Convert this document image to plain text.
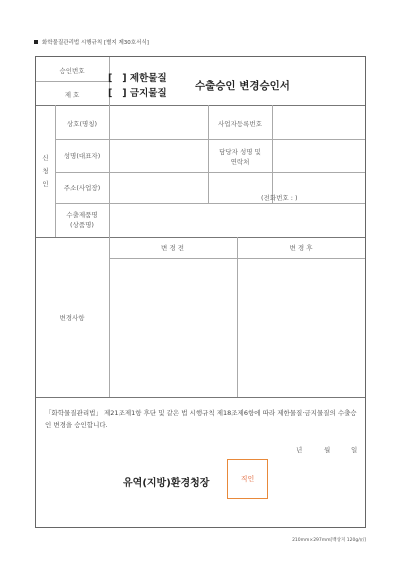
화학물질관리법 시행규칙 [별지 제30호서식]
승인번호
제 호
[   ] 제한물질
[   ] 금지물질
수출승인 변경승인서
신
청
인
상호(명칭)	사업자등록번호
성명(대표자)	담당자 성명 및
연락처
주소(사업장)
(전화번호 : )
수출제품명
(상품명)
변경사항
변 경 전	변 경 후
「화학물질관리법」 제21조제1항 후단 및 같은 법 시행규칙 제18조제6항에 따라 제한물질·금지물질의 수출승인 변경을 승인합니다.
년	월	일
유역(지방)환경청장	직인
210mm×297mm[백상지 120g/㎡]
